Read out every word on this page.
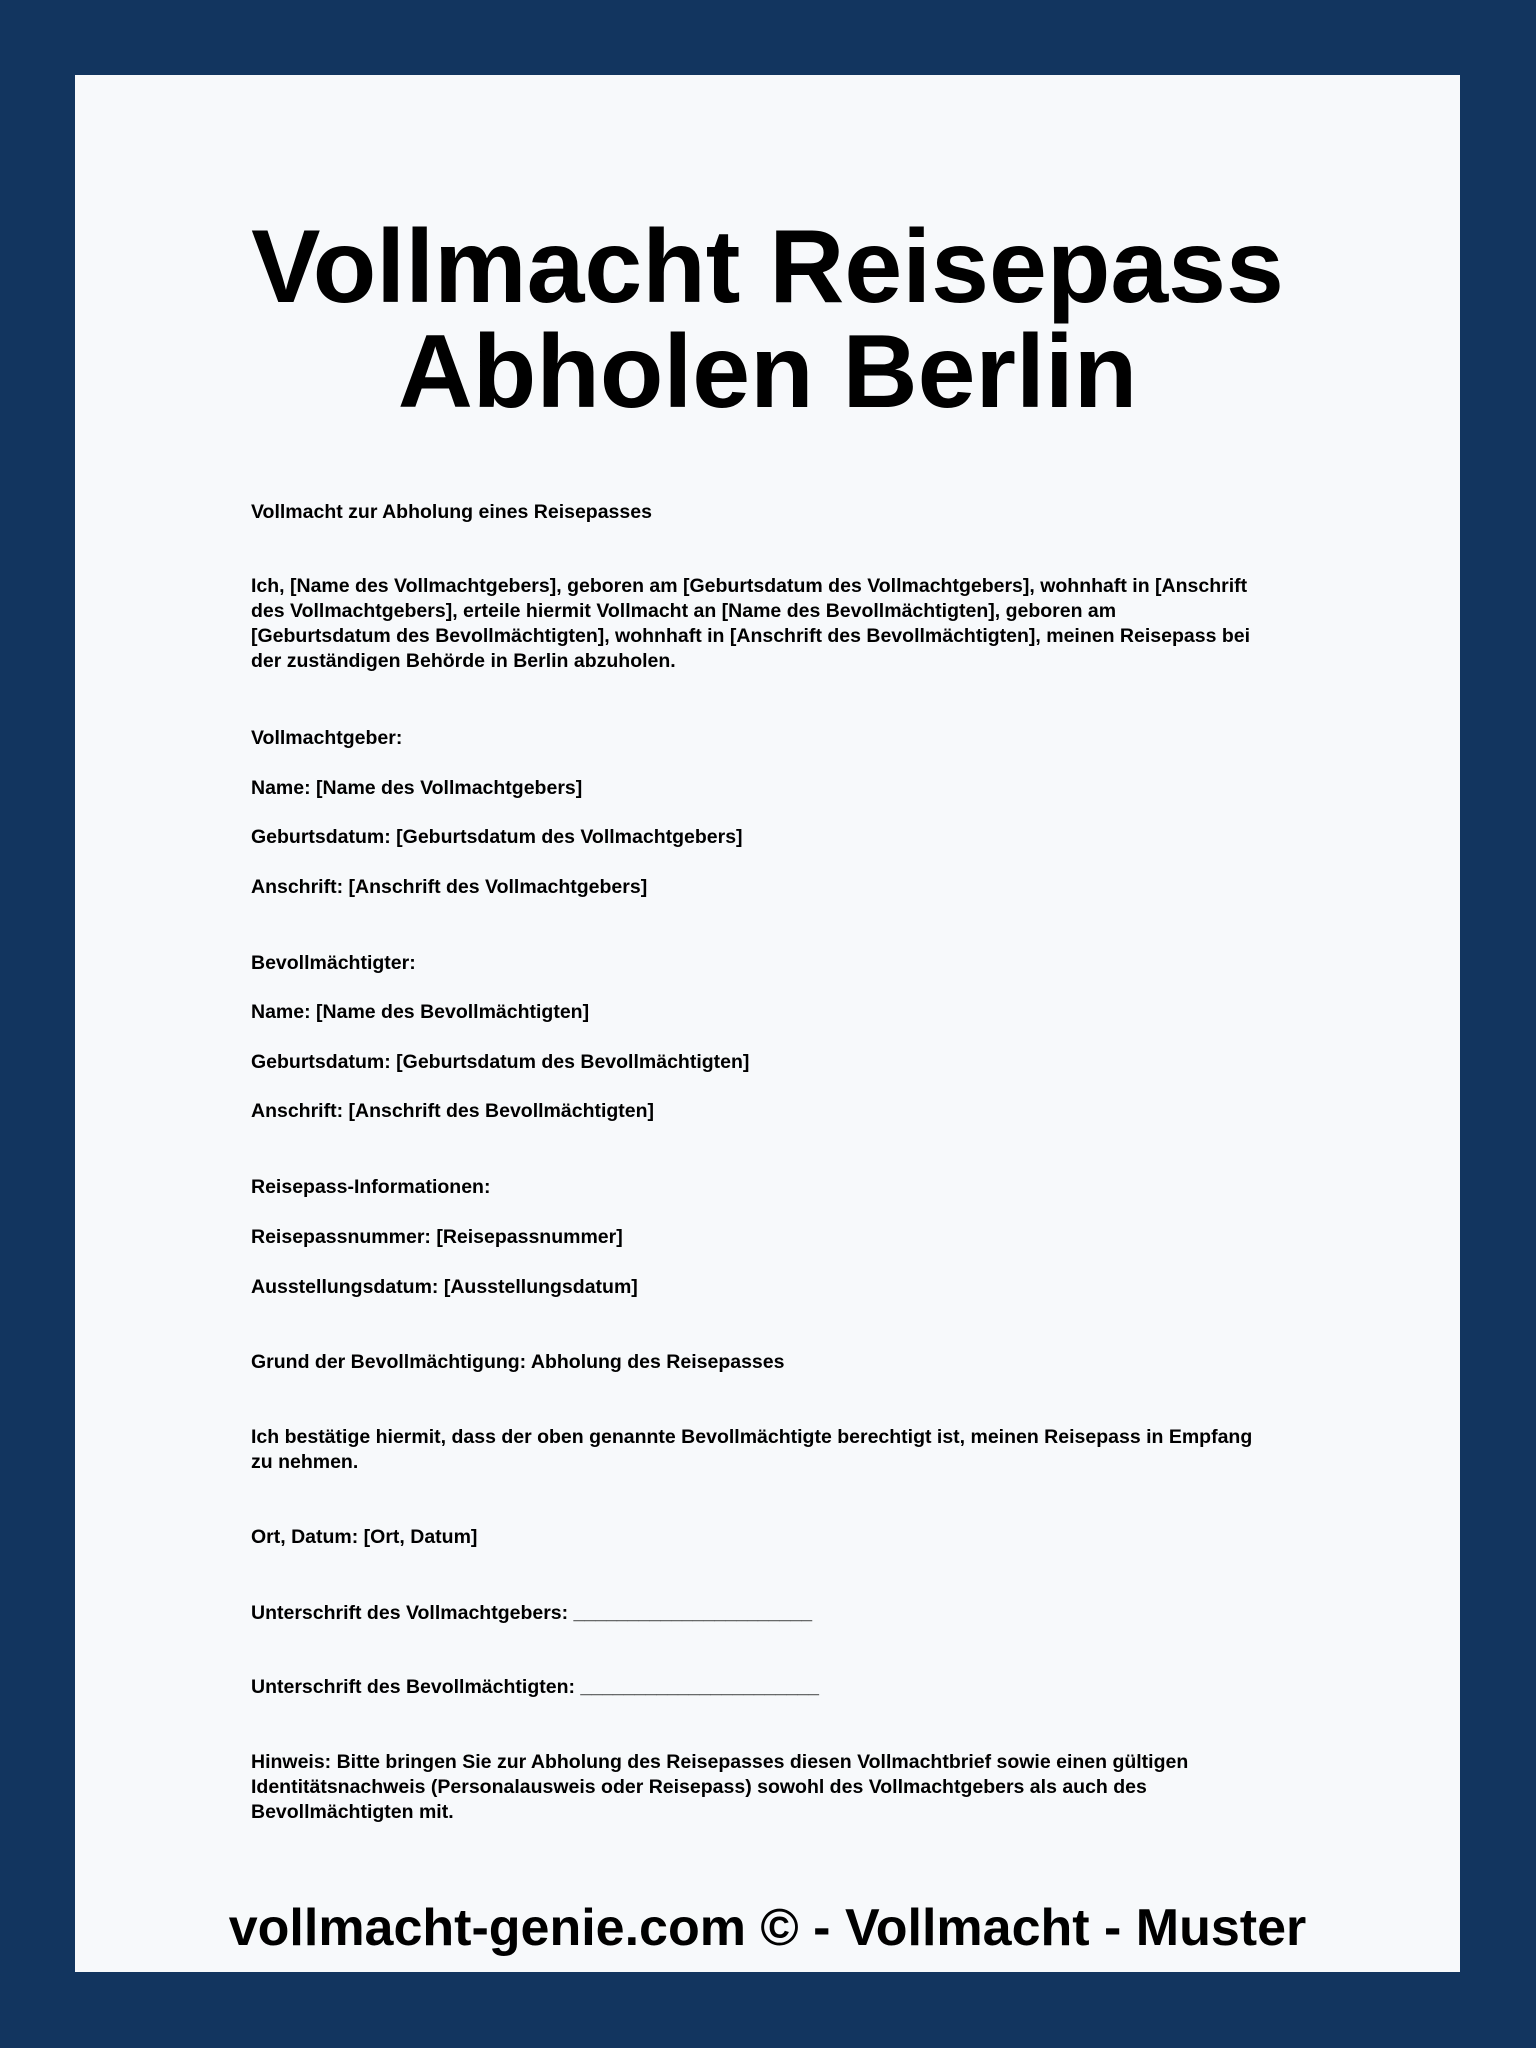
Vollmacht Reisepass
Abholen Berlin

Vollmacht zur Abholung eines Reisepasses

Ich, [Name des Vollmachtgebers], geboren am [Geburtsdatum des Vollmachtgebers], wohnhaft in [Anschrift des Vollmachtgebers], erteile hiermit Vollmacht an [Name des Bevollmächtigten], geboren am [Geburtsdatum des Bevollmächtigten], wohnhaft in [Anschrift des Bevollmächtigten], meinen Reisepass bei der zuständigen Behörde in Berlin abzuholen.

Vollmachtgeber:

Name: [Name des Vollmachtgebers]

Geburtsdatum: [Geburtsdatum des Vollmachtgebers]

Anschrift: [Anschrift des Vollmachtgebers]

Bevollmächtigter:

Name: [Name des Bevollmächtigten]

Geburtsdatum: [Geburtsdatum des Bevollmächtigten]

Anschrift: [Anschrift des Bevollmächtigten]

Reisepass-Informationen:

Reisepassnummer: [Reisepassnummer]

Ausstellungsdatum: [Ausstellungsdatum]

Grund der Bevollmächtigung: Abholung des Reisepasses

Ich bestätige hiermit, dass der oben genannte Bevollmächtigte berechtigt ist, meinen Reisepass in Empfang zu nehmen.

Ort, Datum: [Ort, Datum]

Unterschrift des Vollmachtgebers: ______________________

Unterschrift des Bevollmächtigten: ______________________

Hinweis: Bitte bringen Sie zur Abholung des Reisepasses diesen Vollmachtbrief sowie einen gültigen Identitätsnachweis (Personalausweis oder Reisepass) sowohl des Vollmachtgebers als auch des Bevollmächtigten mit.

vollmacht-genie.com © - Vollmacht - Muster
